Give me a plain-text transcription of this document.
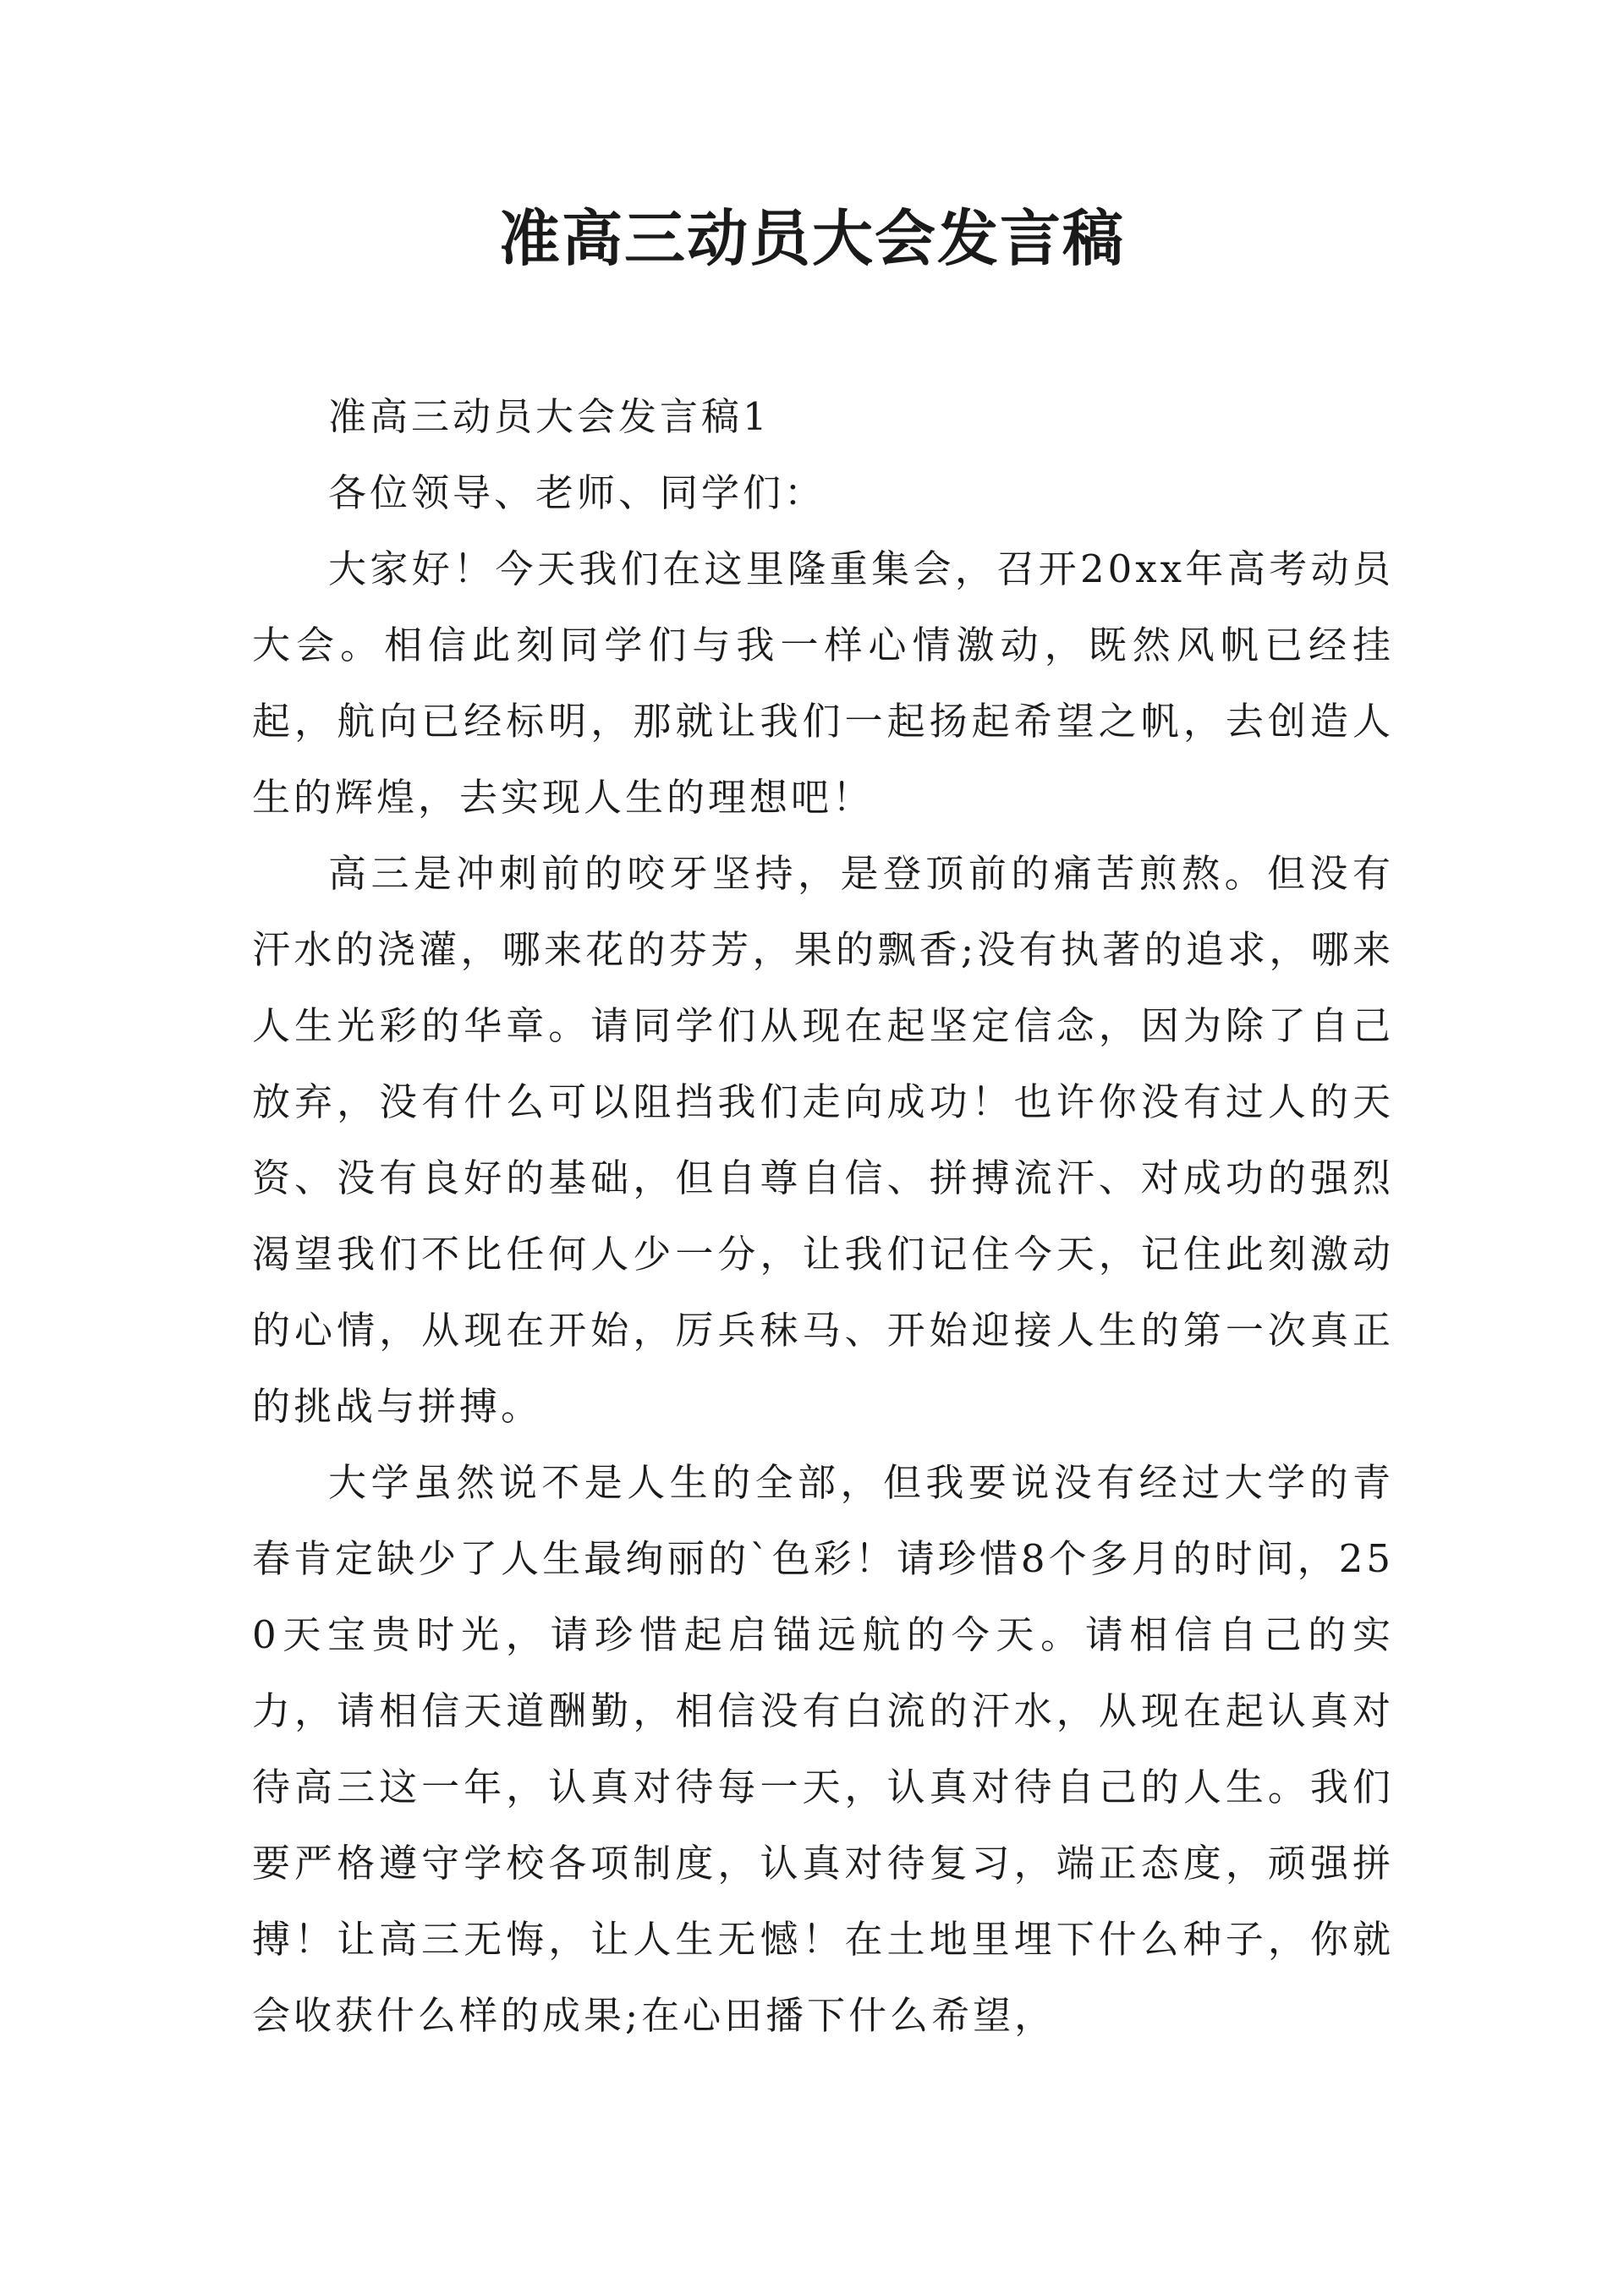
准高三动员大会发言稿

准高三动员大会发言稿1

各位领导、老师、同学们：

大家好！今天我们在这里隆重集会，召开20xx年高考动员大会。相信此刻同学们与我一样心情激动，既然风帆已经挂起，航向已经标明，那就让我们一起扬起希望之帆，去创造人生的辉煌，去实现人生的理想吧！

高三是冲刺前的咬牙坚持，是登顶前的痛苦煎熬。但没有汗水的浇灌，哪来花的芬芳，果的飘香;没有执著的追求，哪来人生光彩的华章。请同学们从现在起坚定信念，因为除了自己放弃，没有什么可以阻挡我们走向成功！也许你没有过人的天资、没有良好的基础，但自尊自信、拼搏流汗、对成功的强烈渴望我们不比任何人少一分，让我们记住今天，记住此刻激动的心情，从现在开始，厉兵秣马、开始迎接人生的第一次真正的挑战与拼搏。

大学虽然说不是人生的全部，但我要说没有经过大学的青春肯定缺少了人生最绚丽的`色彩！请珍惜8个多月的时间，250天宝贵时光，请珍惜起启锚远航的今天。请相信自己的实力，请相信天道酬勤，相信没有白流的汗水，从现在起认真对待高三这一年，认真对待每一天，认真对待自己的人生。我们要严格遵守学校各项制度，认真对待复习，端正态度，顽强拼搏！让高三无悔，让人生无憾！在土地里埋下什么种子，你就会收获什么样的成果;在心田播下什么希望，
